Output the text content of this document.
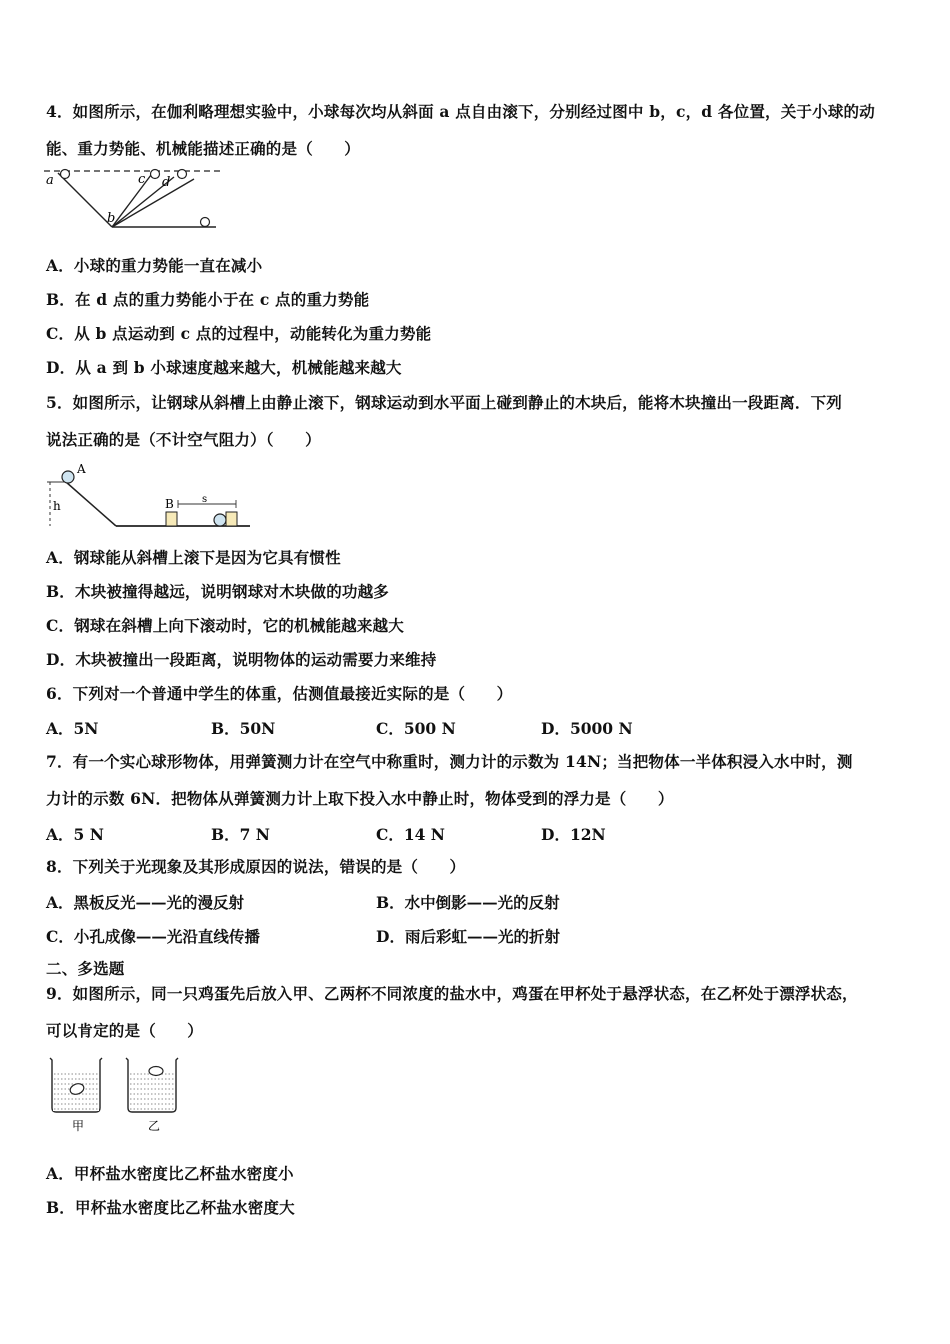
4．如图所示，在伽利略理想实验中，小球每次均从斜面 a 点自由滚下，分别经过图中 b，c，d 各位置，关于小球的动
能、重力势能、机械能描述正确的是（　　）
a
b
c d
A．小球的重力势能一直在减小
B．在 d 点的重力势能小于在 c 点的重力势能
C．从 b 点运动到 c 点的过程中，动能转化为重力势能
D．从 a 到 b 小球速度越来越大，机械能越来越大
5．如图所示，让钢球从斜槽上由静止滚下，钢球运动到水平面上碰到静止的木块后，能将木块撞出一段距离．下列
说法正确的是（不计空气阻力）（　　）
A
h	B	s
A．钢球能从斜槽上滚下是因为它具有惯性
B．木块被撞得越远，说明钢球对木块做的功越多
C．钢球在斜槽上向下滚动时，它的机械能越来越大
D．木块被撞出一段距离，说明物体的运动需要力来维持
6．下列对一个普通中学生的体重，估测值最接近实际的是（　　）
A．5N	B．50N	C．500 N	D．5000 N
7．有一个实心球形物体，用弹簧测力计在空气中称重时，测力计的示数为 14N；当把物体一半体积浸入水中时，测
力计的示数 6N．把物体从弹簧测力计上取下投入水中静止时，物体受到的浮力是（　　）
A．5 N	B．7 N	C．14 N	D．12N
8．下列关于光现象及其形成原因的说法，错误的是（　　）
A．黑板反光——光的漫反射	B．水中倒影——光的反射
C．小孔成像——光沿直线传播	D．雨后彩虹——光的折射
二、多选题
9．如图所示，同一只鸡蛋先后放入甲、乙两杯不同浓度的盐水中，鸡蛋在甲杯处于悬浮状态，在乙杯处于漂浮状态，
可以肯定的是（　　）
甲	乙
A．甲杯盐水密度比乙杯盐水密度小
B．甲杯盐水密度比乙杯盐水密度大
